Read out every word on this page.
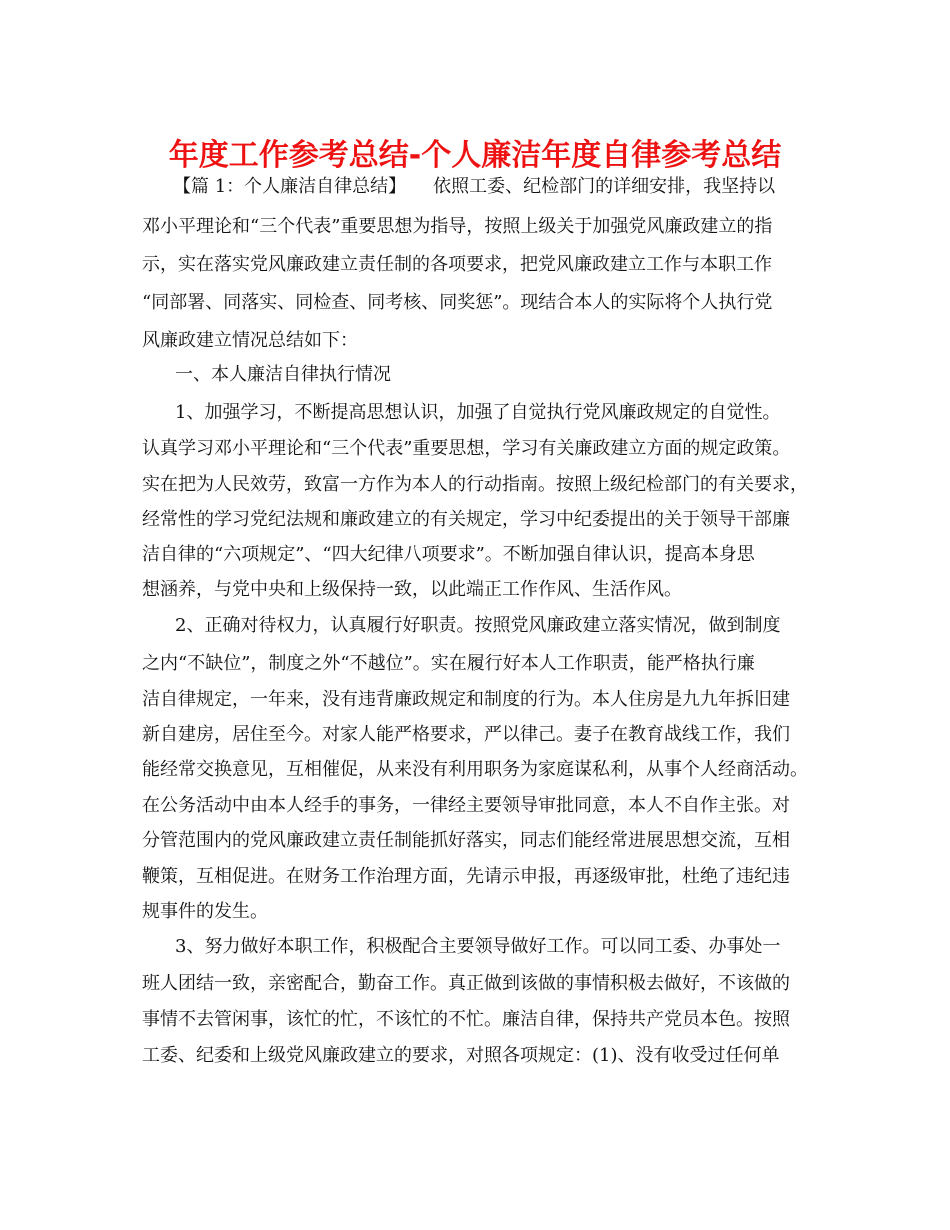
年度工作参考总结-个人廉洁年度自律参考总结
【篇 1：个人廉洁自律总结】　　依照工委、纪检部门的详细安排，我坚持以
邓小平理论和“三个代表”重要思想为指导，按照上级关于加强党风廉政建立的指
示，实在落实党风廉政建立责任制的各项要求，把党风廉政建立工作与本职工作
“同部署、同落实、同检查、同考核、同奖惩”。现结合本人的实际将个人执行党
风廉政建立情况总结如下：
一、本人廉洁自律执行情况
1、加强学习，不断提高思想认识，加强了自觉执行党风廉政规定的自觉性。
认真学习邓小平理论和“三个代表”重要思想，学习有关廉政建立方面的规定政策。
实在把为人民效劳，致富一方作为本人的行动指南。按照上级纪检部门的有关要求，
经常性的学习党纪法规和廉政建立的有关规定，学习中纪委提出的关于领导干部廉
洁自律的“六项规定”、“四大纪律八项要求”。不断加强自律认识，提高本身思
想涵养，与党中央和上级保持一致，以此端正工作作风、生活作风。
2、正确对待权力，认真履行好职责。按照党风廉政建立落实情况，做到制度
之内“不缺位”，制度之外“不越位”。实在履行好本人工作职责，能严格执行廉
洁自律规定，一年来，没有违背廉政规定和制度的行为。本人住房是九九年拆旧建
新自建房，居住至今。对家人能严格要求，严以律己。妻子在教育战线工作，我们
能经常交换意见，互相催促，从来没有利用职务为家庭谋私利，从事个人经商活动。
在公务活动中由本人经手的事务，一律经主要领导审批同意，本人不自作主张。对
分管范围内的党风廉政建立责任制能抓好落实，同志们能经常进展思想交流，互相
鞭策，互相促进。在财务工作治理方面，先请示申报，再逐级审批，杜绝了违纪违
规事件的发生。
3、努力做好本职工作，积极配合主要领导做好工作。可以同工委、办事处一
班人团结一致，亲密配合，勤奋工作。真正做到该做的事情积极去做好，不该做的
事情不去管闲事，该忙的忙，不该忙的不忙。廉洁自律，保持共产党员本色。按照
工委、纪委和上级党风廉政建立的要求，对照各项规定：(1)、没有收受过任何单
